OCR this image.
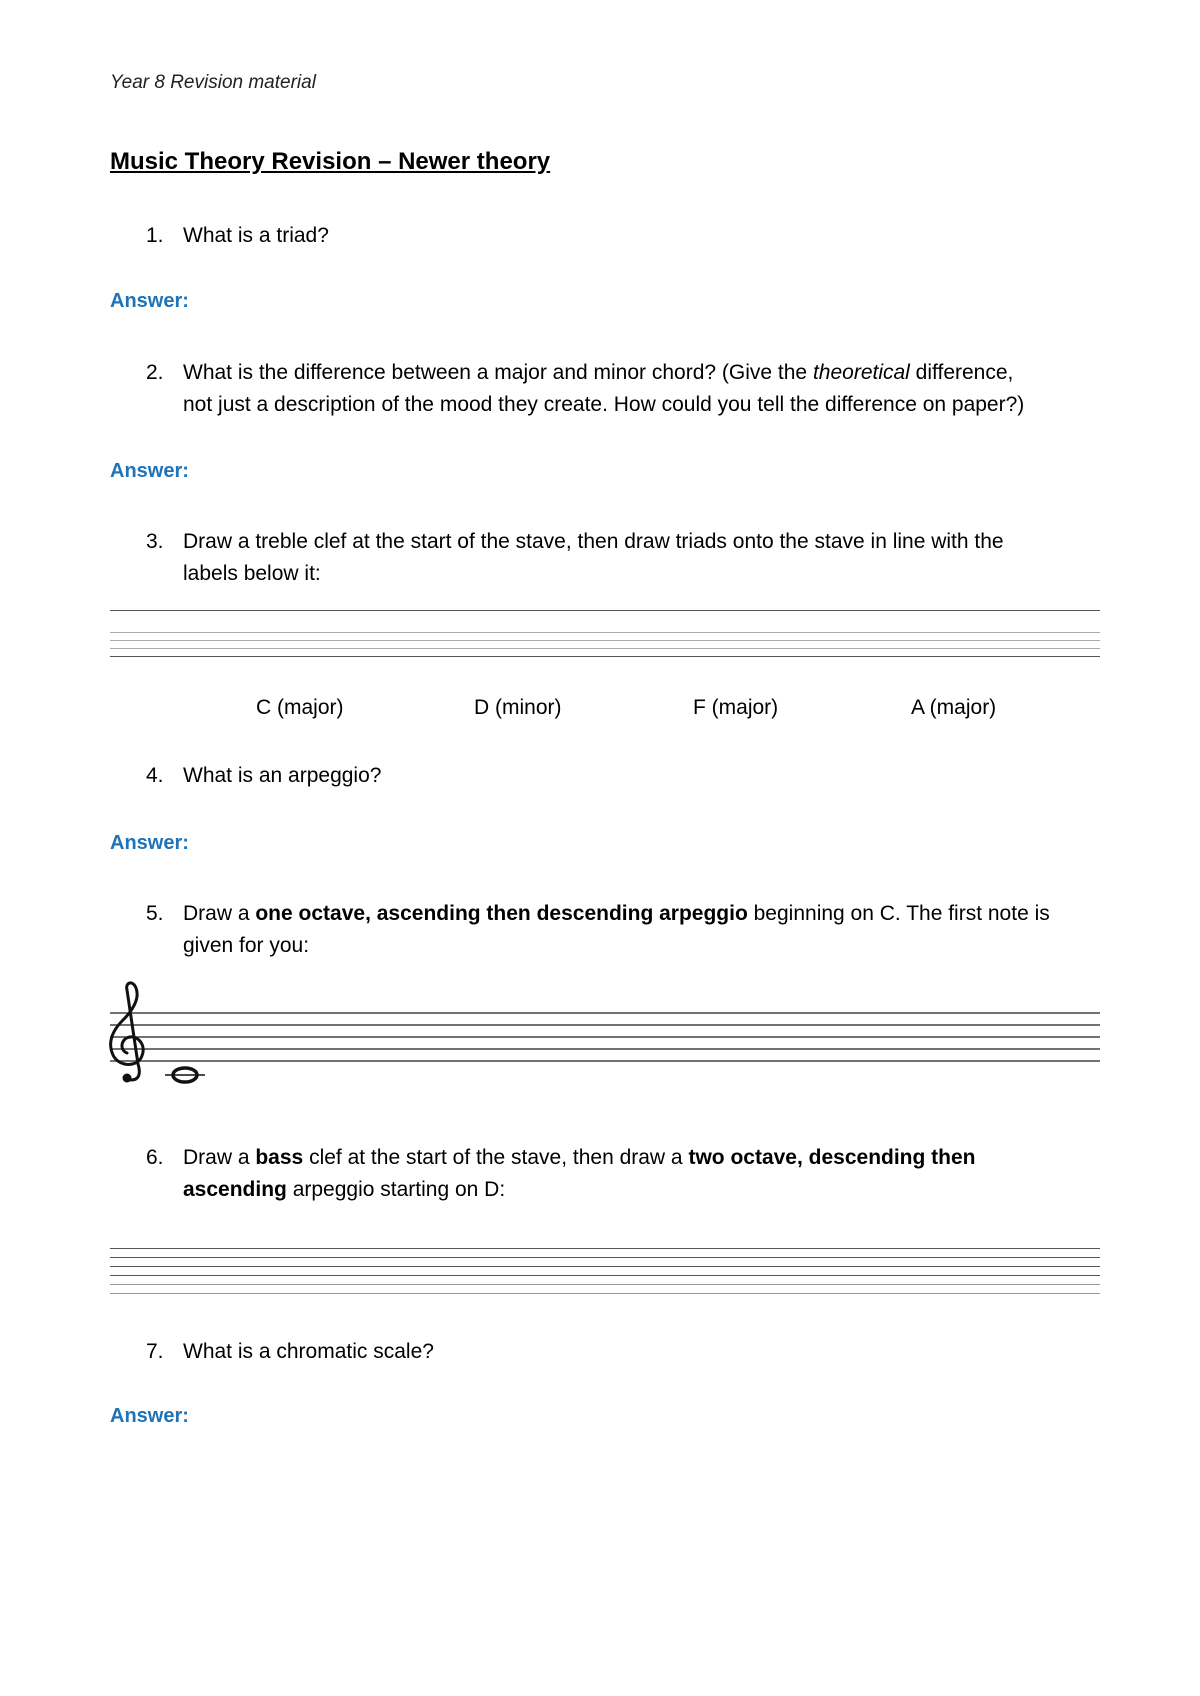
Year 8 Revision material
Music Theory Revision – Newer theory
1. What is a triad?
Answer:
2. What is the difference between a major and minor chord? (Give the theoretical difference,
not just a description of the mood they create. How could you tell the difference on paper?)
Answer:
3. Draw a treble clef at the start of the stave, then draw triads onto the stave in line with the
labels below it:
C (major)	D (minor)	F (major)	A (major)
4. What is an arpeggio?
Answer:
5. Draw a one octave, ascending then descending arpeggio beginning on C. The first note is
given for you:
6. Draw a bass clef at the start of the stave, then draw a two octave, descending then
ascending arpeggio starting on D:
7. What is a chromatic scale?
Answer:
